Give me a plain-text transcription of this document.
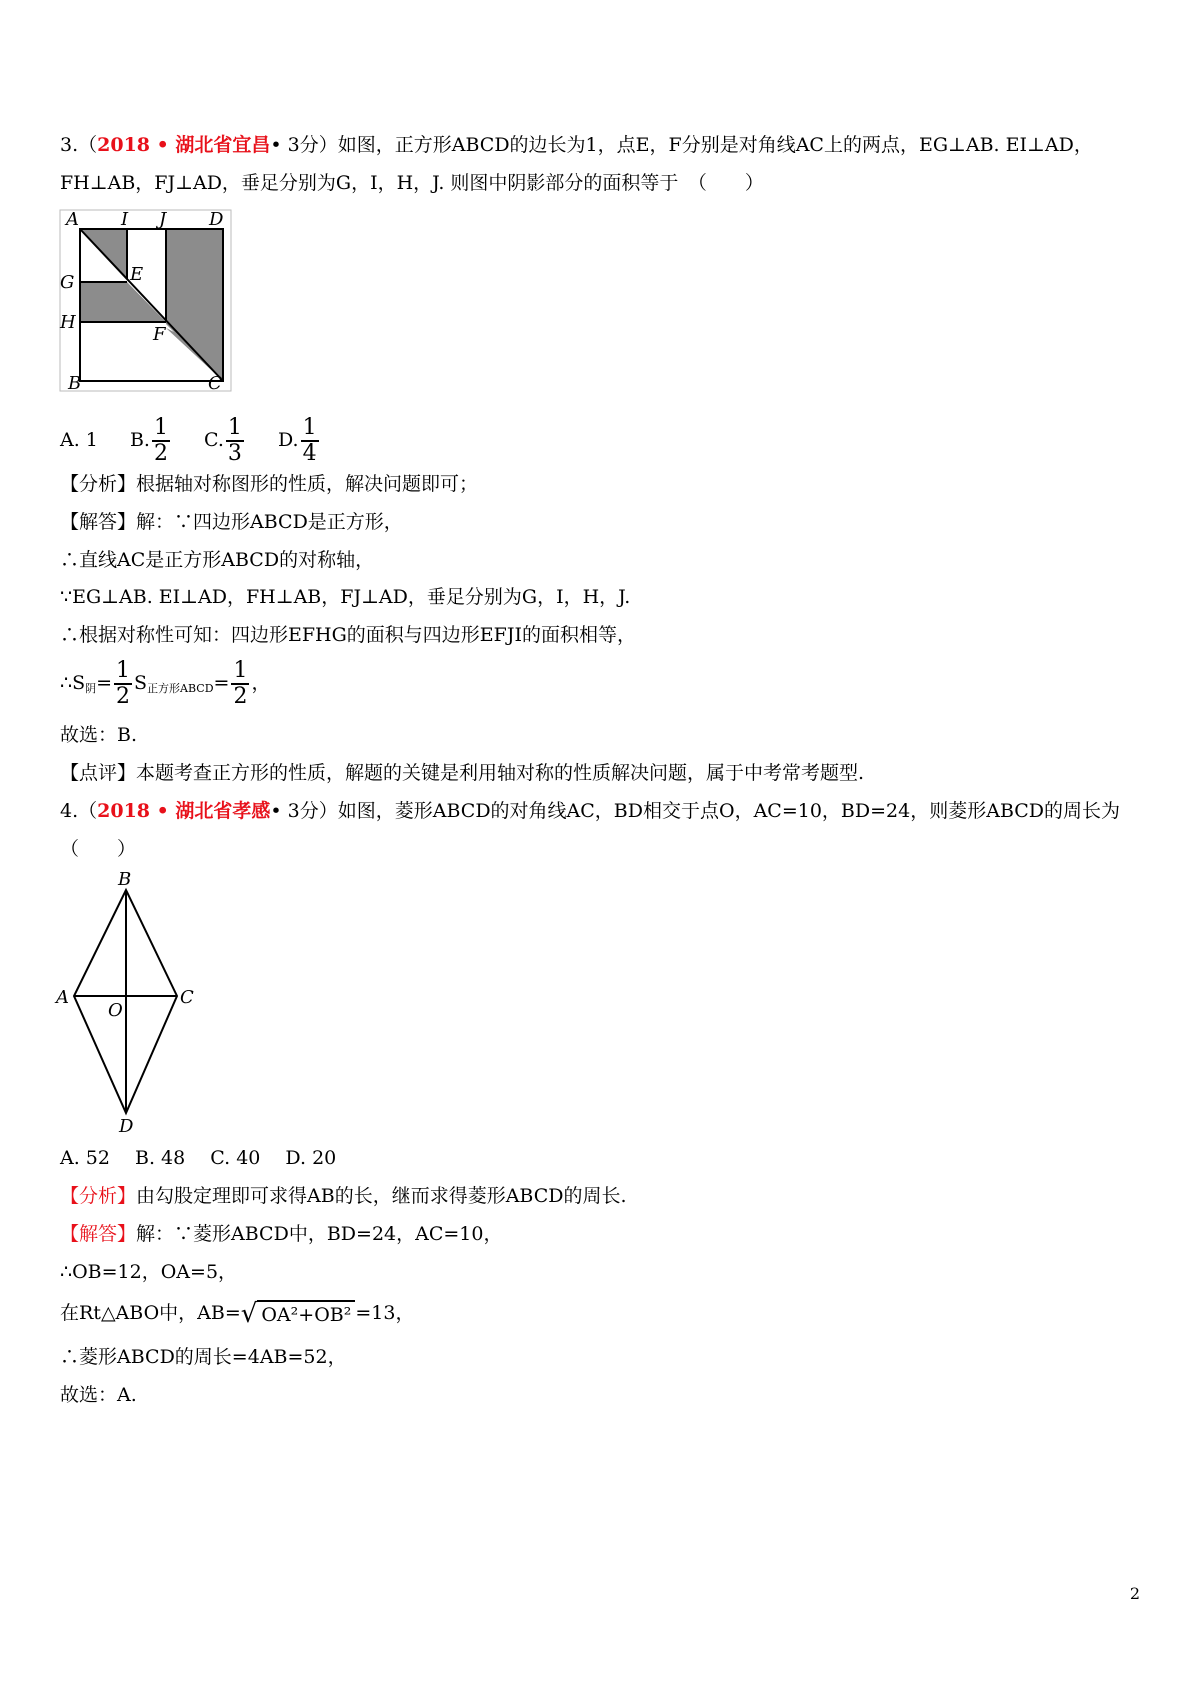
3.（2018 • 湖北省宜昌• 3分）如图，正方形ABCD的边长为1，点E，F分别是对角线AC上的两点，EG⊥AB. EI⊥AD，
FH⊥AB，FJ⊥AD，垂足分别为G，I，H，J. 则图中阴影部分的面积等于　（　　）
A I J D
G	E
H
F
B	C
A. 1 B. $\frac{1}{2} C$. $\frac{1}{3} D$. $\frac{1}{4}$
【分析】根据轴对称图形的性质，解决问题即可；
【解答】解：∵四边形ABCD是正方形，
∴直线AC是正方形ABCD的对称轴，
∵EG⊥AB. EI⊥AD，FH⊥AB，FJ⊥AD，垂足分别为G，I，H，J.
∴根据对称性可知：四边形EFHG的面积与四边形EFJI的面积相等，
$\therefore S_阴= \frac{1}{2} S_{正方形ABCD}= \frac{1}{2}$ ，
故选：B.
【点评】本题考查正方形的性质，解题的关键是利用轴对称的性质解决问题，属于中考常考题型.
4.（2018 • 湖北省孝感• 3分）如图，菱形ABCD的对角线AC，BD相交于点O，AC=10，BD=24，则菱形ABCD的周长为
（　　）
B
A
O
C
D
A. 52　 B. 48　 C. 40　 D. 20
【分析】由勾股定理即可求得AB的长，继而求得菱形ABCD的周长.
【解答】解：∵菱形ABCD中，BD=24，AC=10，
∴OB=12，OA=5，
在Rt△ABO中，AB=√ OA²+OB² =13，
∴菱形ABCD的周长=4AB=52，
故选：A.
2
